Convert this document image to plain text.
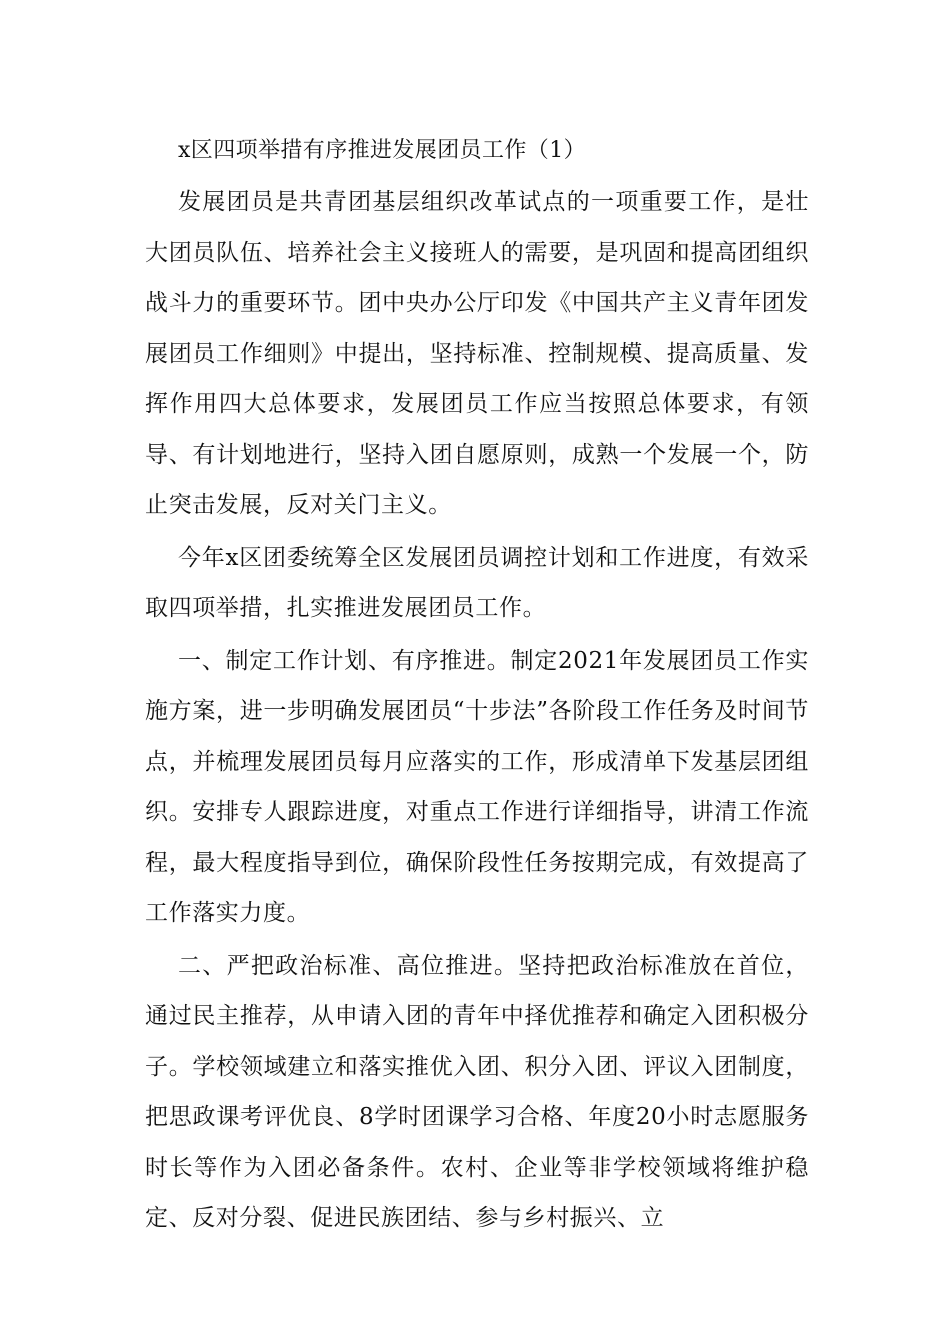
x区四项举措有序推进发展团员工作（1）

发展团员是共青团基层组织改革试点的一项重要工作，是壮大团员队伍、培养社会主义接班人的需要，是巩固和提高团组织战斗力的重要环节。团中央办公厅印发《中国共产主义青年团发展团员工作细则》中提出，坚持标准、控制规模、提高质量、发挥作用四大总体要求，发展团员工作应当按照总体要求，有领导、有计划地进行，坚持入团自愿原则，成熟一个发展一个，防止突击发展，反对关门主义。

今年x区团委统筹全区发展团员调控计划和工作进度，有效采取四项举措，扎实推进发展团员工作。

一、制定工作计划、有序推进。制定2021年发展团员工作实施方案，进一步明确发展团员“十步法”各阶段工作任务及时间节点，并梳理发展团员每月应落实的工作，形成清单下发基层团组织。安排专人跟踪进度，对重点工作进行详细指导，讲清工作流程，最大程度指导到位，确保阶段性任务按期完成，有效提高了工作落实力度。

二、严把政治标准、高位推进。坚持把政治标准放在首位，通过民主推荐，从申请入团的青年中择优推荐和确定入团积极分子。学校领域建立和落实推优入团、积分入团、评议入团制度，把思政课考评优良、8学时团课学习合格、年度20小时志愿服务时长等作为入团必备条件。农村、企业等非学校领域将维护稳定、反对分裂、促进民族团结、参与乡村振兴、立
